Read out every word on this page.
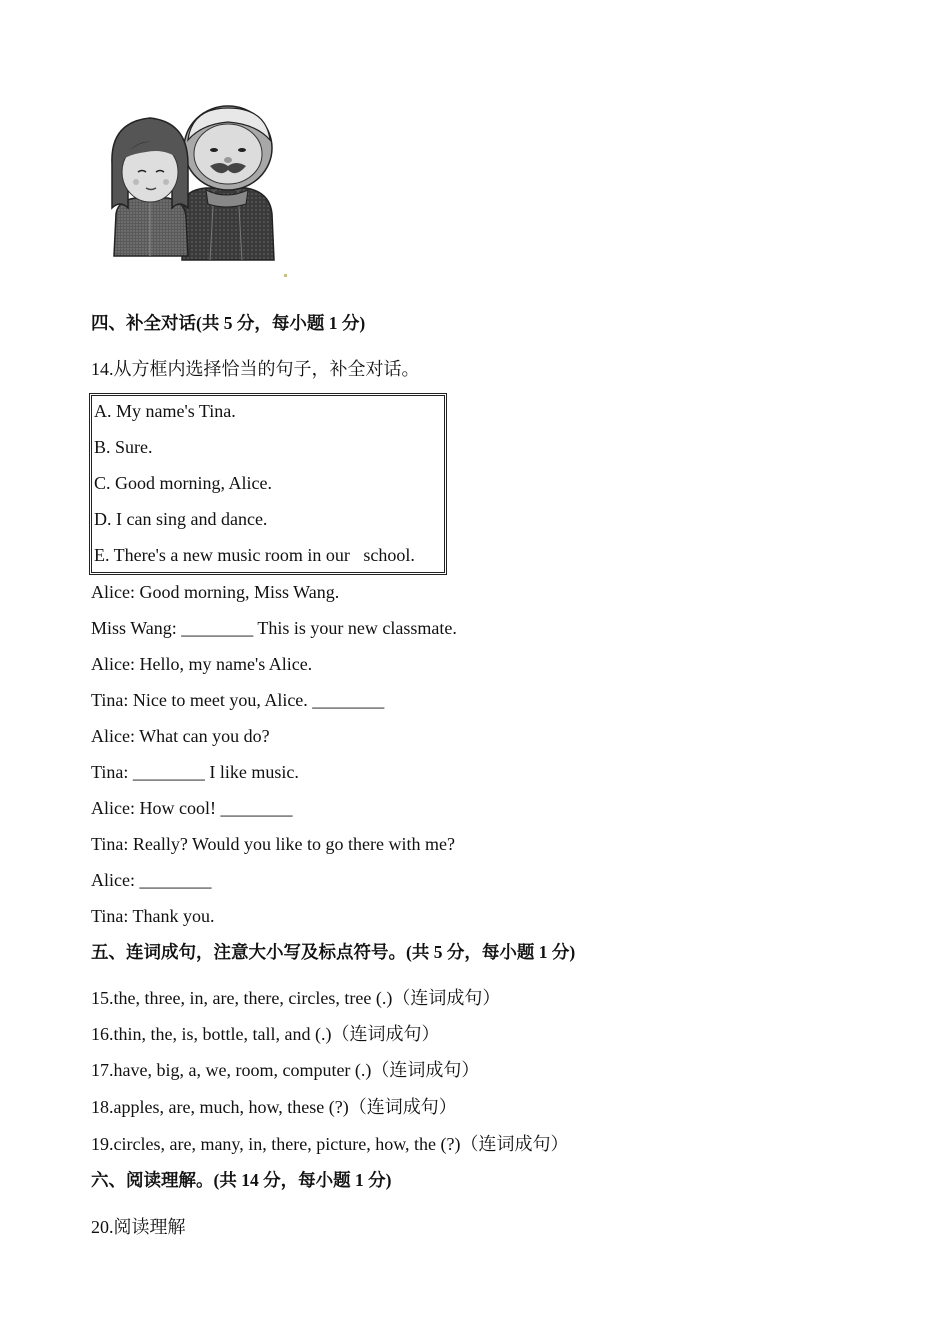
四、补全对话(共 5 分，每小题 1 分)
14.从方框内选择恰当的句子，补全对话。
A. My name's Tina.
B. Sure.
C. Good morning, Alice.
D. I can sing and dance.
E. There's a new music room in our   school.
Alice: Good morning, Miss Wang.
Miss Wang: ________ This is your new classmate.
Alice: Hello, my name's Alice.
Tina: Nice to meet you, Alice. ________
Alice: What can you do?
Tina: ________ I like music.
Alice: How cool! ________
Tina: Really? Would you like to go there with me?
Alice: ________
Tina: Thank you.
五、连词成句，注意大小写及标点符号。(共 5 分，每小题 1 分)
15.the, three, in, are, there, circles, tree (.)（连词成句）
16.thin, the, is, bottle, tall, and (.)（连词成句）
17.have, big, a, we, room, computer (.)（连词成句）
18.apples, are, much, how, these (?)（连词成句）
19.circles, are, many, in, there, picture, how, the (?)（连词成句）
六、阅读理解。(共 14 分，每小题 1 分)
20.阅读理解
